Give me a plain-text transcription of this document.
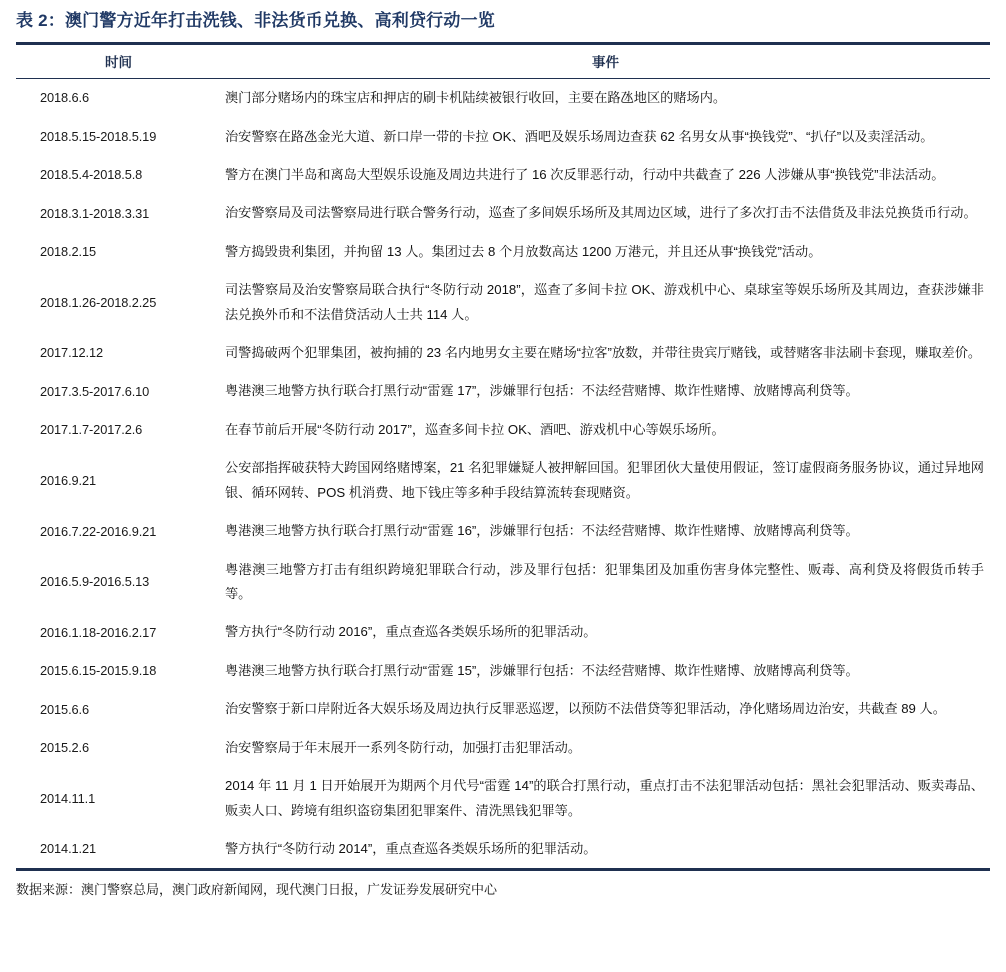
表 2：澳门警方近年打击洗钱、非法货币兑换、高利贷行动一览
时间	事件
2018.6.6	澳门部分赌场内的珠宝店和押店的刷卡机陆续被银行收回，主要在路氹地区的赌场内。
2018.5.15-2018.5.19	治安警察在路氹金光大道、新口岸一带的卡拉 OK、酒吧及娱乐场周边查获 62 名男女从事“换钱党”、“扒仔”以及卖淫活动。
2018.5.4-2018.5.8	警方在澳门半岛和离岛大型娱乐设施及周边共进行了 16 次反罪恶行动，行动中共截查了 226 人涉嫌从事“换钱党”非法活动。
2018.3.1-2018.3.31	治安警察局及司法警察局进行联合警务行动，巡查了多间娱乐场所及其周边区域，进行了多次打击不法借货及非法兑换货币行动。
2018.2.15	警方捣毁贵利集团，并拘留 13 人。集团过去 8 个月放数高达 1200 万港元，并且还从事“换钱党”活动。
2018.1.26-2018.2.25	司法警察局及治安警察局联合执行“冬防行动 2018”，巡查了多间卡拉 OK、游戏机中心、桌球室等娱乐场所及其周边，查获涉嫌非法兑换外币和不法借贷活动人士共 114 人。
2017.12.12	司警捣破两个犯罪集团，被拘捕的 23 名内地男女主要在赌场“拉客”放数，并带往贵宾厅赌钱，或替赌客非法刷卡套现，赚取差价。
2017.3.5-2017.6.10	粤港澳三地警方执行联合打黑行动“雷霆 17”，涉嫌罪行包括：不法经营赌博、欺诈性赌博、放赌博高利贷等。
2017.1.7-2017.2.6	在春节前后开展“冬防行动 2017”，巡查多间卡拉 OK、酒吧、游戏机中心等娱乐场所。
2016.9.21	公安部指挥破获特大跨国网络赌博案，21 名犯罪嫌疑人被押解回国。犯罪团伙大量使用假证，签订虚假商务服务协议，通过异地网银、循环网转、POS 机消费、地下钱庄等多种手段结算流转套现赌资。
2016.7.22-2016.9.21	粤港澳三地警方执行联合打黑行动“雷霆 16”，涉嫌罪行包括：不法经营赌博、欺诈性赌博、放赌博高利贷等。
2016.5.9-2016.5.13	粤港澳三地警方打击有组织跨境犯罪联合行动，涉及罪行包括：犯罪集团及加重伤害身体完整性、贩毒、高利贷及将假货币转手等。
2016.1.18-2016.2.17	警方执行“冬防行动 2016”，重点查巡各类娱乐场所的犯罪活动。
2015.6.15-2015.9.18	粤港澳三地警方执行联合打黑行动“雷霆 15”，涉嫌罪行包括：不法经营赌博、欺诈性赌博、放赌博高利贷等。
2015.6.6	治安警察于新口岸附近各大娱乐场及周边执行反罪恶巡逻，以预防不法借贷等犯罪活动，净化赌场周边治安，共截查 89 人。
2015.2.6	治安警察局于年末展开一系列冬防行动，加强打击犯罪活动。
2014.11.1	2014 年 11 月 1 日开始展开为期两个月代号“雷霆 14”的联合打黑行动，重点打击不法犯罪活动包括：黑社会犯罪活动、贩卖毒品、贩卖人口、跨境有组织盗窃集团犯罪案件、清洗黑钱犯罪等。
2014.1.21	警方执行“冬防行动 2014”，重点查巡各类娱乐场所的犯罪活动。
数据来源：澳门警察总局，澳门政府新闻网，现代澳门日报，广发证券发展研究中心
